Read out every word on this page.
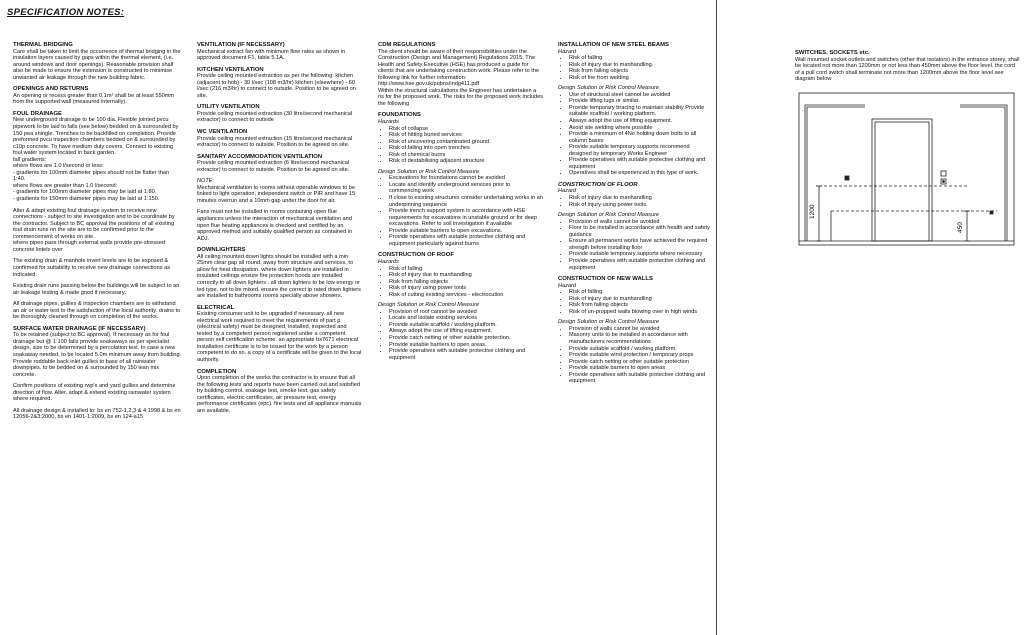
SPECIFICATION NOTES:
THERMAL BRIDGING

Care shall be taken to limit the occurrence of thermal bridging in the insulation layers caused by gaps within the thermal element, (i.e. around windows and door openings). Reasonable provision shall also be made to ensure the extension is constructed to minimise unwanted air leakage through the new building fabric.

OPENINGS AND RETURNS

An opening or recess greater than 0.1m² shall be at least 550mm from the supported wall (measured internally).

FOUL DRAINAGE
New underground drainage to be 100 dia. Flexible jointed pvcu pipework to be laid to falls (see below) bedded on & surrounded by 150 pea shingle. Trenches to be backfilled on completion. Provide preformed pvcu inspection chambers bedded on & surrounded by c10p concrete. To have medium duty covers. Connect to existing foul water system located in back garden.
fall gradients:
where flows are 1.0 l/second or less:
- gradients for 100mm diameter pipes should not be flatter than 1:40.
where flows are greater than 1.0 l/second:
- gradients for 100mm diameter pipes may be laid at 1:80.

- gradients for 150mm diameter pipes may be laid at 1:150.

Alter & adapt existing foul drainage system to receive new connections - subject to site investigation and to be coordinate by the contractor. Subject to BC approval the positions of all existing foul drain runs on the site are to be confirmed prior to the commencement of works on site.

where pipes pass through external walls provide pre-stressed concrete lintels over

The existing drain & manhole invert levels are to be exposed & confirmed for suitability to receive new drainage connections as indicated.

Existing drain runs passing below the buildings will be subject to an air leakage testing & made good if necessary.

All drainage pipes, gullies & inspection chambers are to withstand an air or water test to the satisfaction of the local authority. drains to be thoroughly cleaned through on completion of the works.

SURFACE WATER DRAINAGE (IF NECESSARY)

To be retained (subject to BC approval). If necessary as for foul drainage but @ 1:100 falls provide soakaways as per specialist design, size to be determined by a percolation test. In case a new soakaway needed, to be located 5.0m minimum away from building. Provide roddable back inlet gullies to base of all rainwater downpipes. to be bedded on & surrounded by 150 lean mix concrete.

Confirm positions of existing rwp's and yard gullies and determine direction of flow. Alter, adapt & extend existing rainwater system where required.

All drainage design & installed to: bs en 752-1,2,3 & 4:1998 & bs en 12056-2&3:2000, bs en 1401-1:2009, bs en 124-a15

VENTILATION (IF NECESSARY)

Mechanical extract fan with minimum flow rates as shown in approved document F1, table 5.1A.

KITCHEN VENTILATION

Provide ceiling mounted extraction as per the following: kitchen (adjacent to hob) - 30 l/sec (108 m3/hr) kitchen (elsewhere) - 60 l/sec (216 m3/hr) to connect to outside. Position to be agreed on site.

UTILITY VENTILATION

Provide ceiling mounted extraction (30 litre/second mechanical extractor) to connect to outside

WC VENTILATION

Provide ceiling mounted extraction (15 litre/second mechanical extractor) to connect to outside. Position to be agreed on site.

SANITARY ACCOMMODATION VENTILATION

Provide ceiling mounted extraction (6 litre/second mechanical extractor) to connect to outside. Position to be agreed on site.

NOTE:

Mechanical ventilation to rooms without operable windows to be linked to light operation, independent switch or PIR and have 15 minutes overrun and a 10mm gap under the door for air.

Fans must not be installed in rooms containing open flue appliances unless the interaction of mechanical ventilation and open flue heating appliances is checked and certified by an approved method and suitably qualified person as contained in ADJ.

DOWNLIGHTERS

All ceiling mounted down lights should be installed with a min 25mm clear gap all round, away from structure and services, to allow for heat dissipation. where down lighters are installed in insulated ceilings ensure fire protection hoods are installed correctly to all down lighters . all down lighters to be low energy or led type, not to be mixed. ensure the correct ip rated down lighters are installed to bathrooms rooms specially above showers.

ELECTRICAL

Existing consumer unit to be upgraded if necessary. all new electrical work required to meet the requirements of part p (electrical safety) must be designed, installed, inspected and tested by a competent person registered under a competent person self certification scheme. an appropriate bs7671 electrical installation certificate is to be issued for the work by a person competent to do so. a copy of a certificate will be given to the local authority.

COMPLETION

Upon completion of the works the contractor is to ensure that all the following tests and reports have been carried out and satisfied by building control. soakage test, smoke test, gas safety certificates, electric certificates, air pressure test, energy performance certificates (epc). fire tests and all appliance manuals are available.

CDM REGULATIONS
The client should be aware of their responsibilities under the Construction (Design and Management) Regulations 2015. The Health and Safety Executive (HSE) has produced a guide for clients that are undertaking construction work. Please refer to the following link for further information:
http://www.hse.gov.uk/pubns/indg411.pdf

Within the structural calculations the Engineer has undertaken a ris for the proposed work. The risks for the proposed work includes the following

FOUNDATIONS
Hazards
• Risk of collapse
• Risk of hitting buried services
• Risk of uncovering contaminated ground
• Risk of falling into open trenches
• Risk of chemical burns
• Risk of destabilising adjacent structure
Design Solution or Risk Control Measure
• Excavations for foundations cannot be avoided
• Locate and identify underground services prior to commencing work
• If close to existing structures consider undertaking works in an underpinning sequence
• Provide trench support system in accordance with HSE requirements for excavations in unstable ground or for deep excavations. Refer to soil investigation if available
• Provide suitable barriers to open excavations.
• Provide operatives with suitable protective clothing and equipment particularly against burns
CONSTRUCTION OF ROOF
Hazards
• Risk of falling
• Risk of injury due to manhandling
• Risk from falling objects
• Risk of injury using power tools
• Risk of cutting existing services - electrocution
Design Solution or Risk Control Measure
• Provision of roof cannot be avoided
• Locate and isolate existing services
• Provide suitable scaffold / working platform.
• Always adopt the use of lifting equipment.
• Provide catch netting or other suitable protection.
• Provide suitable barriers to open areas.
• Provide operatives with suitable protective clothing and equipment
INSTALLATION OF NEW STEEL BEAMS
Hazard
• Risk of falling
• Risk of injury due to manhandling.
• Risk from falling objects
• Risk of fire from welding
Design Solution or Risk Control Measure
• Use of structural steel cannot be avoided
• Provide lifting lugs or similar.
• Provide temporary bracing to maintain stability Provide suitable scaffold / working platform.
• Always adopt the use of lifting equipment.
• Avoid site welding where possible
• Provide a minimum of 4No holding down bolts to all column bases
• Provide suitable temporary supports recommend designed by temporary Works Engineer
• Provide operatives with suitable protective clothing and equipment
• Operatives shall be experienced in this type of work.
CONSTRUCTION OF FLOOR
Hazard
• Risk of injury due to manhandling
• Risk of injury using power tools.
Design Solution or Risk Control Measure
• Provision of walls cannot be avoided
• Floor to be installed in accordance with health and safety guidance
• Ensure all permanent works have achieved the required strength before installing floor
• Provide suitable temporary supports where necessary
• Provide operatives with suitable protective clothing and equipment
CONSTRUCTION OF NEW WALLS
Hazard
• Risk of falling
• Risk of injury due to manhandling
• Risk from falling objects
• Risk of un-propped walls blowing over in high winds
Design Solution or Risk Control Measure
• Provision of walls cannot be avoided
• Masonry units to be installed in accordance with manufacturers recommendations
• Provide suitable scaffold / working platform.
• Provide suitable wind protection / temporary props
• Provide catch netting or other suitable protection
• Provide suitable barriers to open areas
• Provide operatives with suitable protective clothing and equipment
SWITCHES, SOCKETS etc.

Wall mounted socket outlets and switches (other that isolators) in the entrance storey, shall be located not more than 1200mm or not less than 450mm above the floor level. the cord of a pull cord switch shall terminate not more than 1200mm above the floor level see diagram below

1200
450
